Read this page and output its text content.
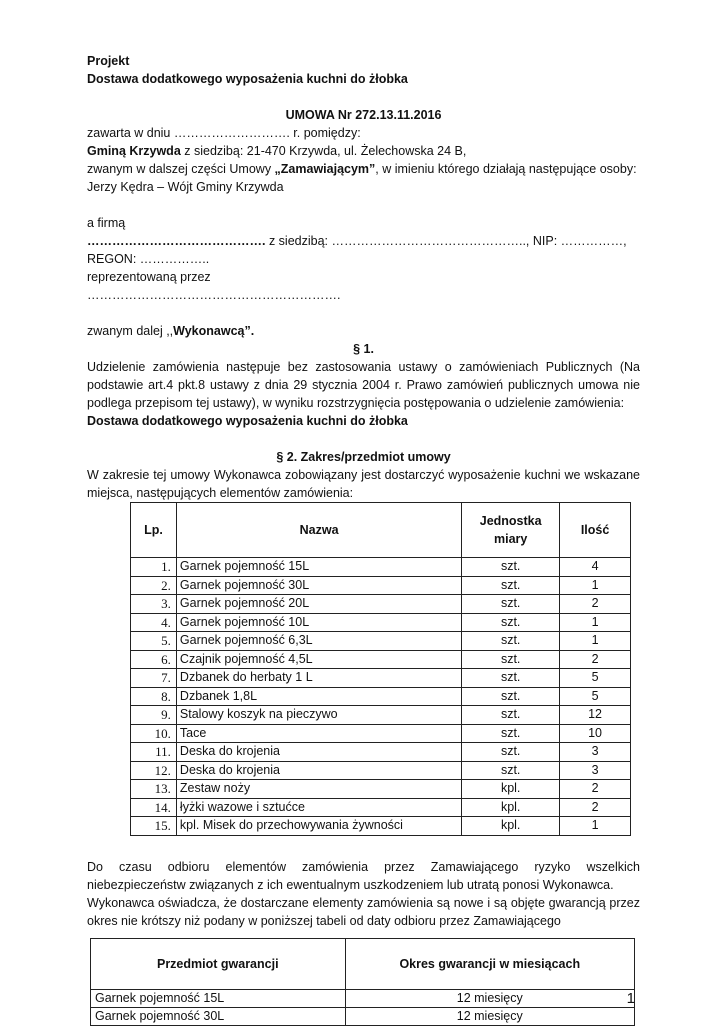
Projekt

Dostawa dodatkowego wyposażenia kuchni do żłobka

UMOWA Nr 272.13.11.2016

zawarta w dniu ………………………. r. pomiędzy:

Gminą Krzywda z siedzibą: 21-470 Krzywda, ul. Żelechowska 24 B,

zwanym w dalszej części Umowy „Zamawiającym”, w imieniu którego działają następujące osoby:

Jerzy Kędra – Wójt Gminy Krzywda

a firmą

……………………………………. z siedzibą: ……………………………………….., NIP: ……………, REGON: ……………..

reprezentowaną przez

…………………………………………………….

zwanym dalej ,,Wykonawcą”.

§ 1.

Udzielenie zamówienia następuje bez zastosowania ustawy o zamówieniach Publicznych (Na podstawie art.4 pkt.8 ustawy z dnia 29 stycznia 2004 r. Prawo zamówień publicznych umowa nie podlega przepisom tej ustawy), w wyniku rozstrzygnięcia postępowania o udzielenie zamówienia:

Dostawa dodatkowego wyposażenia kuchni do żłobka

§ 2. Zakres/przedmiot umowy

W zakresie tej umowy Wykonawca zobowiązany jest dostarczyć wyposażenie kuchni we wskazane miejsca, następujących elementów zamówienia:

Lp.	Nazwa	Jednostka miary	Ilość
1.	Garnek pojemność 15L	szt.	4
2.	Garnek pojemność 30L	szt.	1
3.	Garnek pojemność 20L	szt.	2
4.	Garnek pojemność 10L	szt.	1
5.	Garnek pojemność 6,3L	szt.	1
6.	Czajnik pojemność 4,5L	szt.	2
7.	Dzbanek do herbaty 1 L	szt.	5
8.	Dzbanek 1,8L	szt.	5
9.	Stalowy koszyk na pieczywo	szt.	12
10.	Tace	szt.	10
11.	Deska do krojenia	szt.	3
12.	Deska do krojenia	szt.	3
13.	Zestaw noży	kpl.	2
14.	łyżki wazowe i sztućce	kpl.	2
15.	kpl. Misek do przechowywania żywności	kpl.	1

Do czasu odbioru elementów zamówienia przez Zamawiającego ryzyko wszelkich niebezpieczeństw związanych z ich ewentualnym uszkodzeniem lub utratą ponosi Wykonawca.

Wykonawca oświadcza, że dostarczane elementy zamówienia są nowe i są objęte gwarancją przez okres nie krótszy niż podany w poniższej tabeli od daty odbioru przez Zamawiającego

Przedmiot gwarancji	Okres gwarancji w miesiącach
Garnek pojemność 15L	12 miesięcy
Garnek pojemność 30L	12 miesięcy
1
